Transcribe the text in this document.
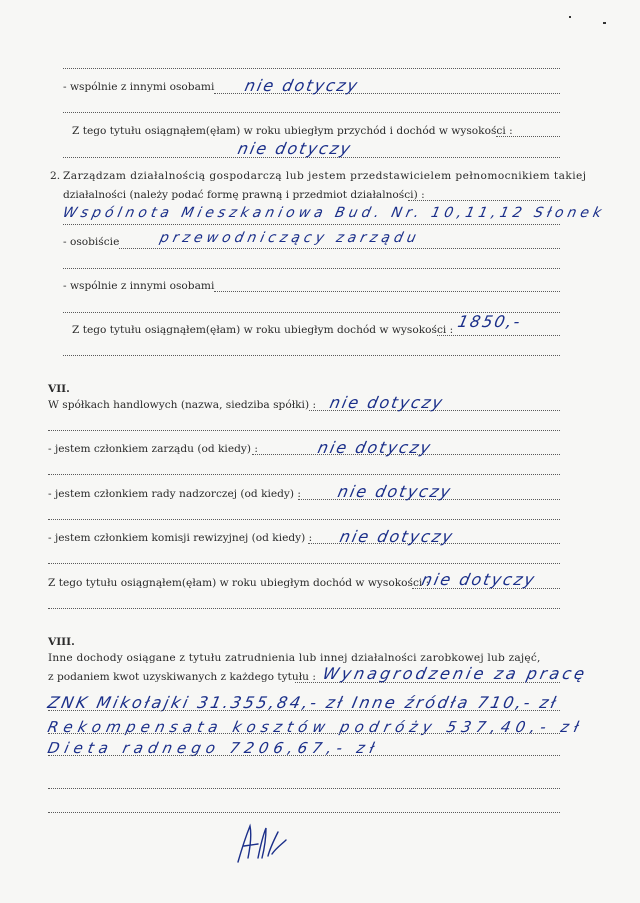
- wspólnie z innymi osobami nie dotyczy
Z tego tytułu osiągnąłem(ęłam) w roku ubiegłym przychód i dochód w wysokości :
nie dotyczy
2. Zarządzam działalnością gospodarczą lub jestem przedstawicielem pełnomocnikiem takiej
działalności (należy podać formę prawną i przedmiot działalności) :
Wspólnota Mieszkaniowa Bud. Nr. 10,11,12 Słonek
- osobiście	przewodniczący zarządu
- wspólnie z innymi osobami
Z tego tytułu osiągnąłem(ęłam) w roku ubiegłym dochód w wysokości : 1850,-
VII.
W spółkach handlowych (nazwa, siedziba spółki) : nie dotyczy
- jestem członkiem zarządu (od kiedy) :	nie dotyczy
- jestem członkiem rady nadzorczej (od kiedy) : nie dotyczy
- jestem członkiem komisji rewizyjnej (od kiedy) : nie dotyczy
Z tego tytułu osiągnąłem(ęłam) w roku ubiegłym dochód w wysokości :
nie dotyczy
VIII.
Inne dochody osiągane z tytułu zatrudnienia lub innej działalności zarobkowej lub zajęć,
z podaniem kwot uzyskiwanych z każdego tytułu : Wynagrodzenie za pracę
ZNK Mikołajki 31.355,84,- zł Inne źródła 710,- zł
Rekompensata kosztów podróży 537,40,- zł
Dieta radnego 7206,67,- zł
